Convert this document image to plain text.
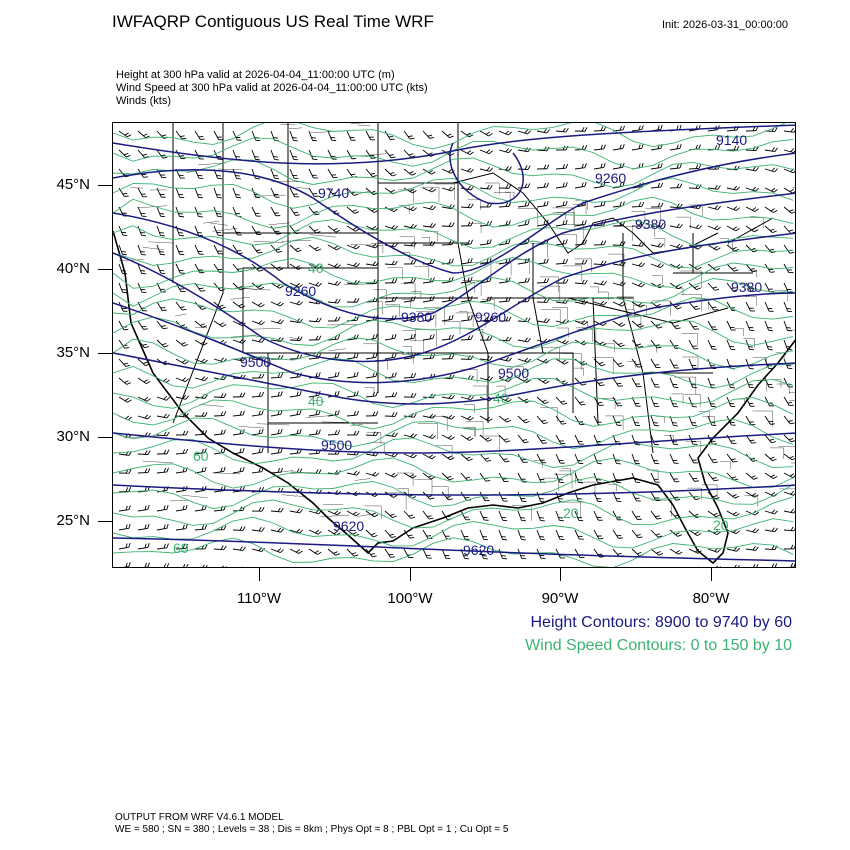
IWFAQRP Contiguous US Real Time WRF	Init: 2026-03-31_00:00:00
Height at 300 hPa valid at 2026-04-04_11:00:00 UTC (m)
Wind Speed at 300 hPa valid at 2026-04-04_11:00:00 UTC (kts)
Winds (kts)
9140
9260
9380
9740
9260
9380
9500
9260
9380
9500
9500
9620
9620
40
40	40
60
60
20
20
45°N
40°N
35°N
30°N
25°N
110°W	100°W	90°W	80°W
Height Contours: 8900 to 9740 by 60
Wind Speed Contours: 0 to 150 by 10
OUTPUT FROM WRF V4.6.1 MODEL
WE = 580 ; SN = 380 ; Levels = 38 ; Dis = 8km ; Phys Opt = 8 ; PBL Opt = 1 ; Cu Opt = 5
